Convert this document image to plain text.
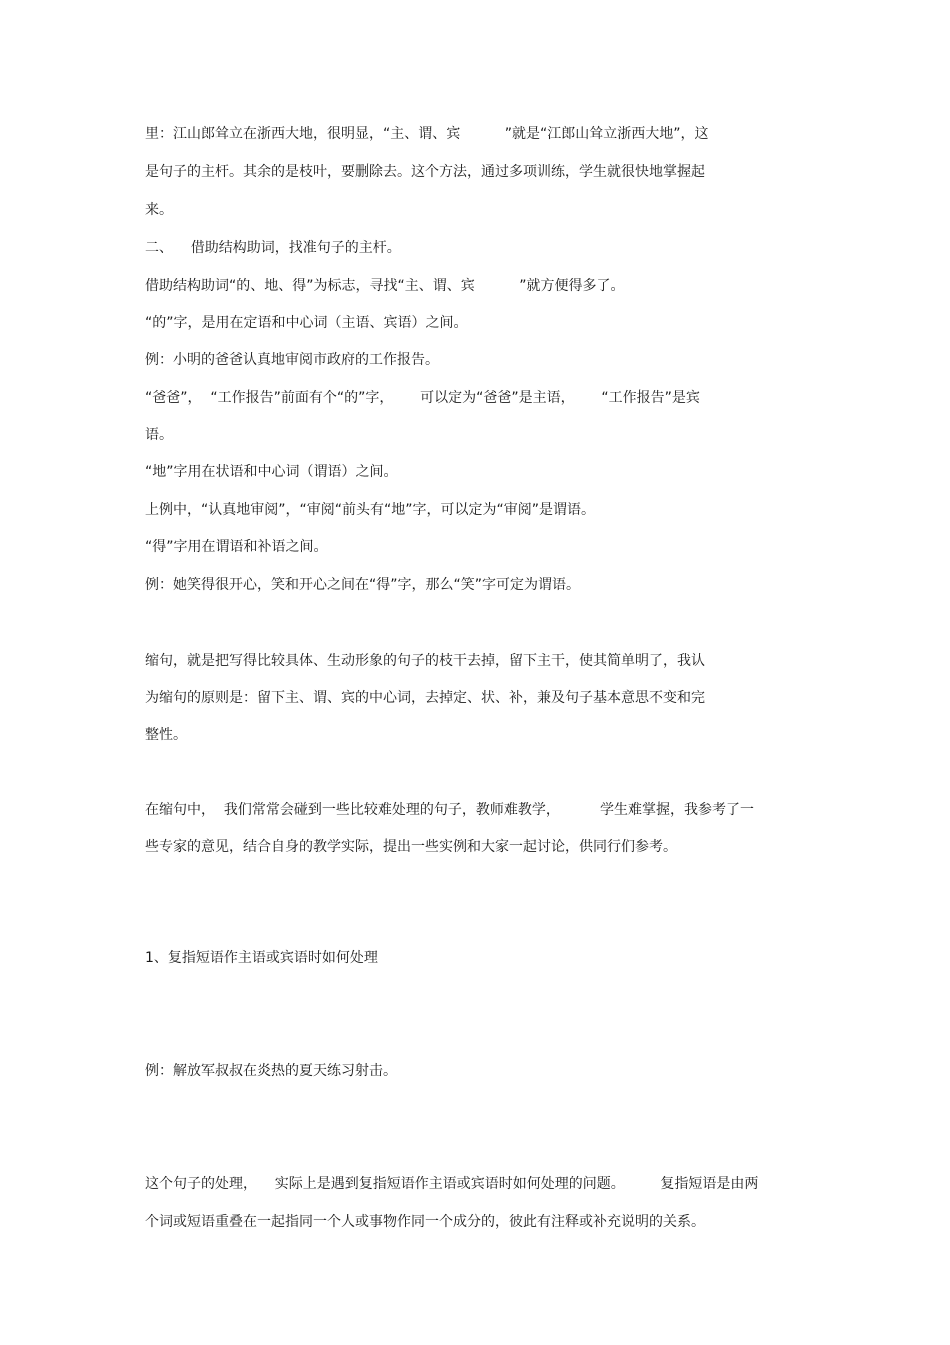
里：江山郎耸立在浙西大地，很明显，“主、谓、宾          ”就是“江郎山耸立浙西大地”，这
是句子的主杆。其余的是枝叶，要删除去。这个方法，通过多项训练，学生就很快地掌握起
来。
二、    借助结构助词，找准句子的主杆。
借助结构助词“的、地、得”为标志，寻找“主、谓、宾          ”就方便得多了。
“的”字，是用在定语和中心词（主语、宾语）之间。
例：小明的爸爸认真地审阅市政府的工作报告。
“爸爸”，  “工作报告”前面有个“的”字，      可以定为“爸爸”是主语，      “工作报告”是宾
语。
“地”字用在状语和中心词（谓语）之间。
上例中，“认真地审阅”，“审阅“前头有“地”字，可以定为“审阅”是谓语。
“得”字用在谓语和补语之间。
例：她笑得很开心，笑和开心之间在“得”字，那么“笑”字可定为谓语。
缩句，就是把写得比较具体、生动形象的句子的枝干去掉，留下主干，使其简单明了，我认
为缩句的原则是：留下主、谓、宾的中心词，去掉定、状、补，兼及句子基本意思不变和完
整性。
在缩句中，  我们常常会碰到一些比较难处理的句子，教师难教学，         学生难掌握，我参考了一
些专家的意见，结合自身的教学实际，提出一些实例和大家一起讨论，供同行们参考。
1、复指短语作主语或宾语时如何处理
例：解放军叔叔在炎热的夏天练习射击。
这个句子的处理，    实际上是遇到复指短语作主语或宾语时如何处理的问题。        复指短语是由两
个词或短语重叠在一起指同一个人或事物作同一个成分的，彼此有注释或补充说明的关系。
